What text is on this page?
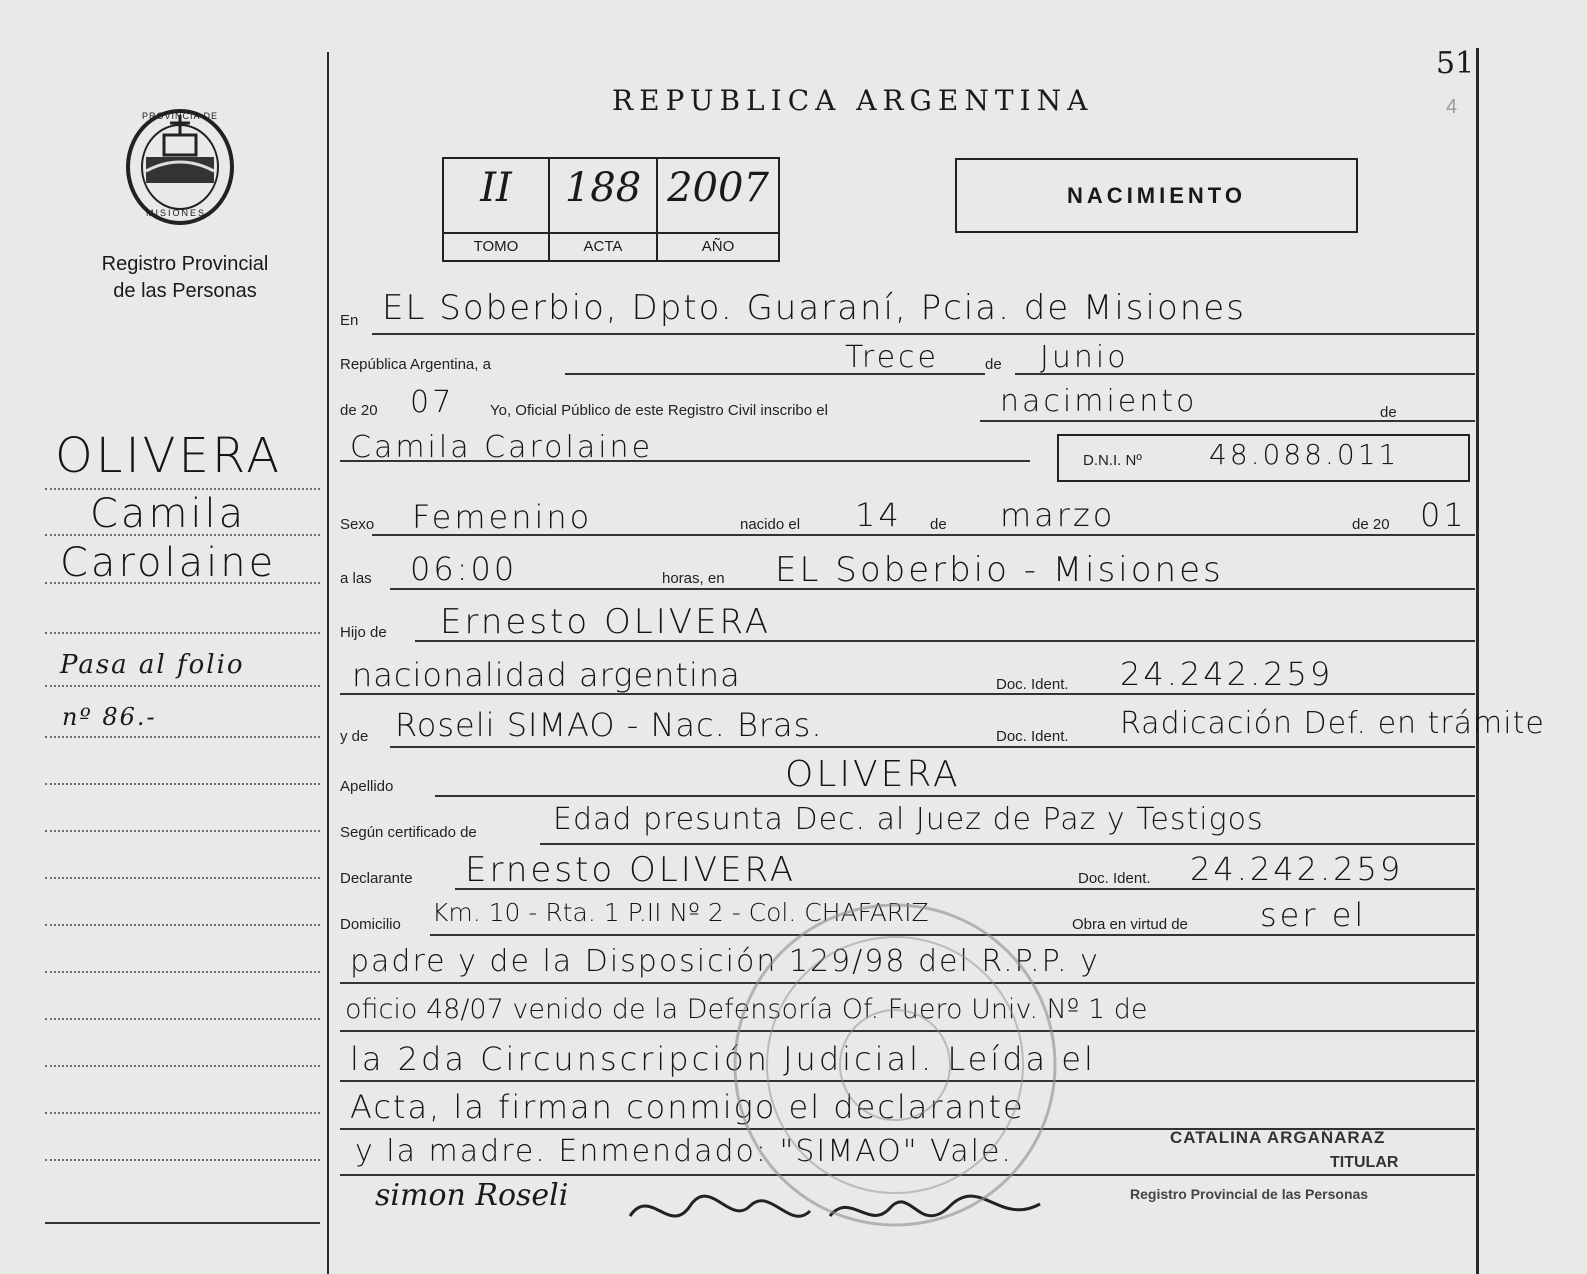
51
4
PROVINCIA DE
MISIONES
Registro Provincial
de las Personas
OLIVERA
Camila
Carolaine
Pasa al folio
nº 86.-
REPUBLICA ARGENTINA
II
TOMO
188
ACTA
2007
AÑO
NACIMIENTO
En EL Soberbio, Dpto. Guaraní, Pcia. de Misiones
República Argentina, a	Trece	de Junio
de 20 07 Yo, Oficial Público de este Registro Civil inscribo el	nacimiento	de
Camila Carolaine	D.N.I. Nº 48.088.011
Sexo Femenino	nacido el 14 de marzo	de 20 01
a las 06:00	horas, en EL Soberbio - Misiones
Hijo de Ernesto OLIVERA
nacionalidad argentina	Doc. Ident. 24.242.259
y de Roseli SIMAO - Nac. Bras.	Doc. Ident. Radicación Def. en trámite
Apellido	OLIVERA
Según certificado de	Edad presunta Dec. al Juez de Paz y Testigos
Declarante Ernesto OLIVERA	Doc. Ident. 24.242.259
Domicilio Km. 10 - Rta. 1 P.II Nº 2 - Col. CHAFARIZ	Obra en virtud de ser el
padre y de la Disposición 129/98 del R.P.P. y
oficio 48/07 venido de la Defensoría Of. Fuero Univ. Nº 1 de
la 2da Circunscripción Judicial. Leída el
Acta, la firman conmigo el declarante
y la madre. Enmendado: "SIMAO" Vale.
simon Roseli
CATALINA ARGAÑARAZ
TITULAR
Registro Provincial de las Personas
